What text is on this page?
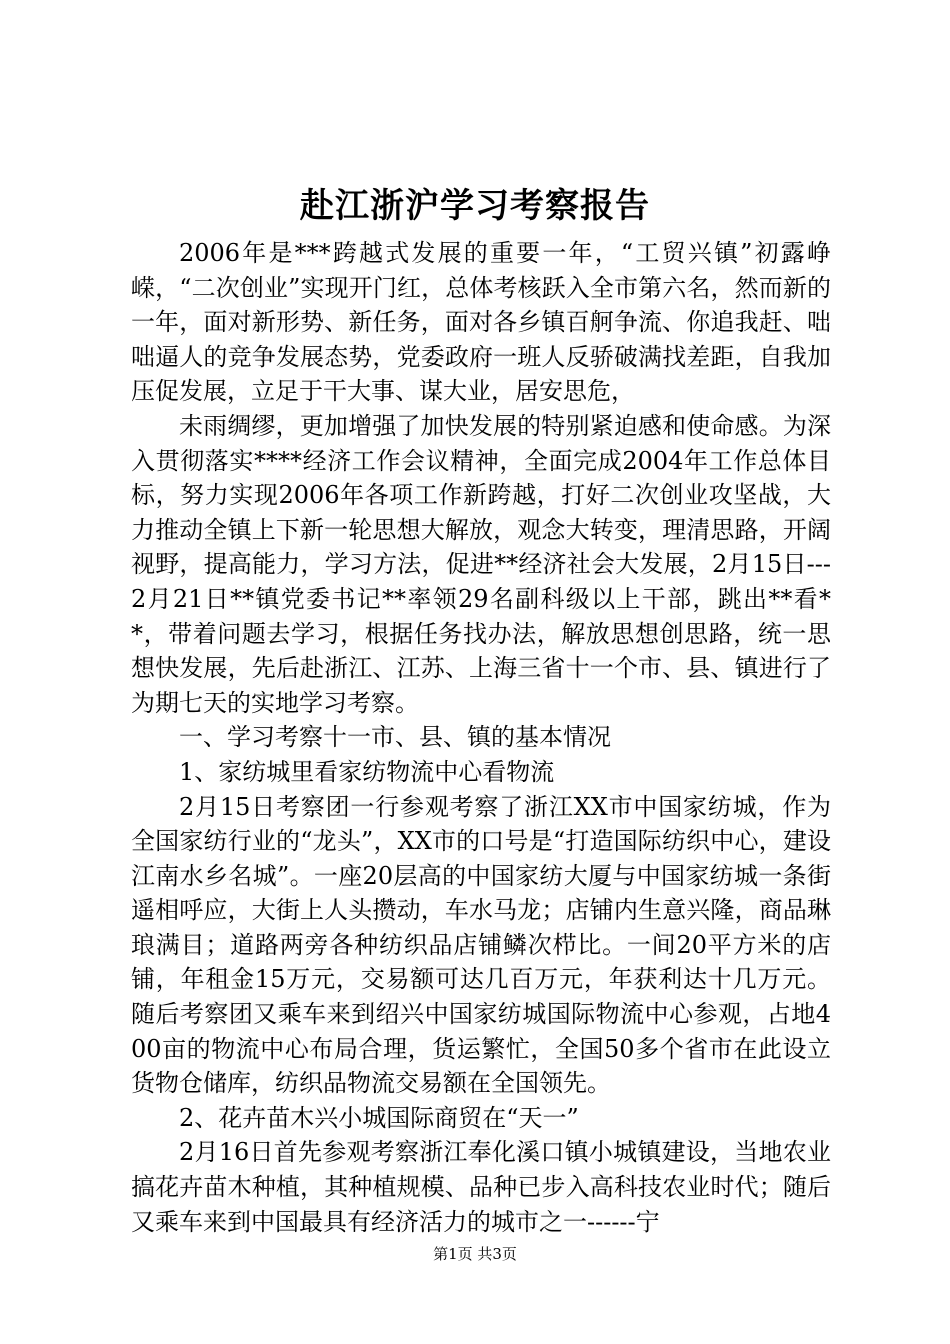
赴江浙沪学习考察报告

2006年是***跨越式发展的重要一年，“工贸兴镇”初露峥嵘，“二次创业”实现开门红，总体考核跃入全市第六名，然而新的一年，面对新形势、新任务，面对各乡镇百舸争流、你追我赶、咄咄逼人的竞争发展态势，党委政府一班人反骄破满找差距，自我加压促发展，立足于干大事、谋大业，居安思危，

未雨绸缪，更加增强了加快发展的特别紧迫感和使命感。为深入贯彻落实****经济工作会议精神，全面完成2004年工作总体目标，努力实现2006年各项工作新跨越，打好二次创业攻坚战，大力推动全镇上下新一轮思想大解放，观念大转变，理清思路，开阔视野，提高能力，学习方法，促进**经济社会大发展，2月15日---2月21日**镇党委书记**率领29名副科级以上干部，跳出**看**，带着问题去学习，根据任务找办法，解放思想创思路，统一思想快发展，先后赴浙江、江苏、上海三省十一个市、县、镇进行了为期七天的实地学习考察。

一、学习考察十一市、县、镇的基本情况

1、家纺城里看家纺物流中心看物流

2月15日考察团一行参观考察了浙江XX市中国家纺城，作为全国家纺行业的“龙头”，XX市的口号是“打造国际纺织中心，建设江南水乡名城”。一座20层高的中国家纺大厦与中国家纺城一条街遥相呼应，大街上人头攒动，车水马龙；店铺内生意兴隆，商品琳琅满目；道路两旁各种纺织品店铺鳞次栉比。一间20平方米的店铺，年租金15万元，交易额可达几百万元，年获利达十几万元。随后考察团又乘车来到绍兴中国家纺城国际物流中心参观，占地400亩的物流中心布局合理，货运繁忙，全国50多个省市在此设立货物仓储库，纺织品物流交易额在全国领先。

2、花卉苗木兴小城国际商贸在“天一”

2月16日首先参观考察浙江奉化溪口镇小城镇建设，当地农业搞花卉苗木种植，其种植规模、品种已步入高科技农业时代；随后又乘车来到中国最具有经济活力的城市之一------宁

第1页 共3页
